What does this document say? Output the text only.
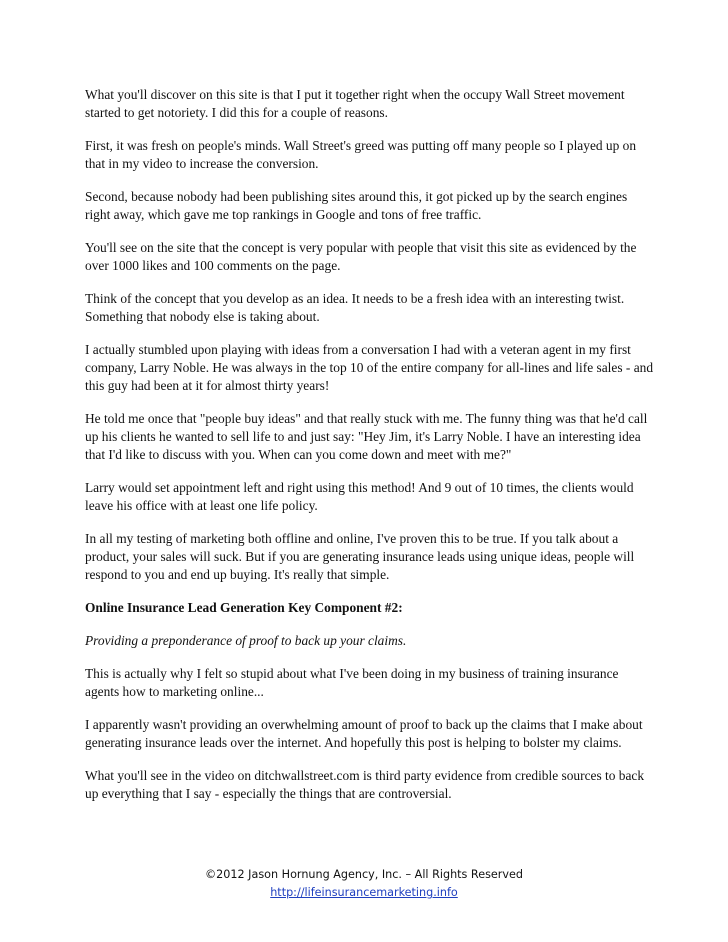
What you'll discover on this site is that I put it together right when the occupy Wall Street movement started to get notoriety. I did this for a couple of reasons.

First, it was fresh on people's minds. Wall Street's greed was putting off many people so I played up on that in my video to increase the conversion.

Second, because nobody had been publishing sites around this, it got picked up by the search engines right away, which gave me top rankings in Google and tons of free traffic.

You'll see on the site that the concept is very popular with people that visit this site as evidenced by the over 1000 likes and 100 comments on the page.

Think of the concept that you develop as an idea. It needs to be a fresh idea with an interesting twist. Something that nobody else is taking about.

I actually stumbled upon playing with ideas from a conversation I had with a veteran agent in my first company, Larry Noble. He was always in the top 10 of the entire company for all-lines and life sales - and this guy had been at it for almost thirty years!

He told me once that "people buy ideas" and that really stuck with me. The funny thing was that he'd call up his clients he wanted to sell life to and just say: "Hey Jim, it's Larry Noble. I have an interesting idea that I'd like to discuss with you. When can you come down and meet with me?"

Larry would set appointment left and right using this method! And 9 out of 10 times, the clients would leave his office with at least one life policy.

In all my testing of marketing both offline and online, I've proven this to be true. If you talk about a product, your sales will suck. But if you are generating insurance leads using unique ideas, people will respond to you and end up buying. It's really that simple.

Online Insurance Lead Generation Key Component #2:

Providing a preponderance of proof to back up your claims.

This is actually why I felt so stupid about what I've been doing in my business of training insurance agents how to marketing online...

I apparently wasn't providing an overwhelming amount of proof to back up the claims that I make about generating insurance leads over the internet. And hopefully this post is helping to bolster my claims.

What you'll see in the video on ditchwallstreet.com is third party evidence from credible sources to back up everything that I say - especially the things that are controversial.

©2012 Jason Hornung Agency, Inc. – All Rights Reserved
http://lifeinsurancemarketing.info
